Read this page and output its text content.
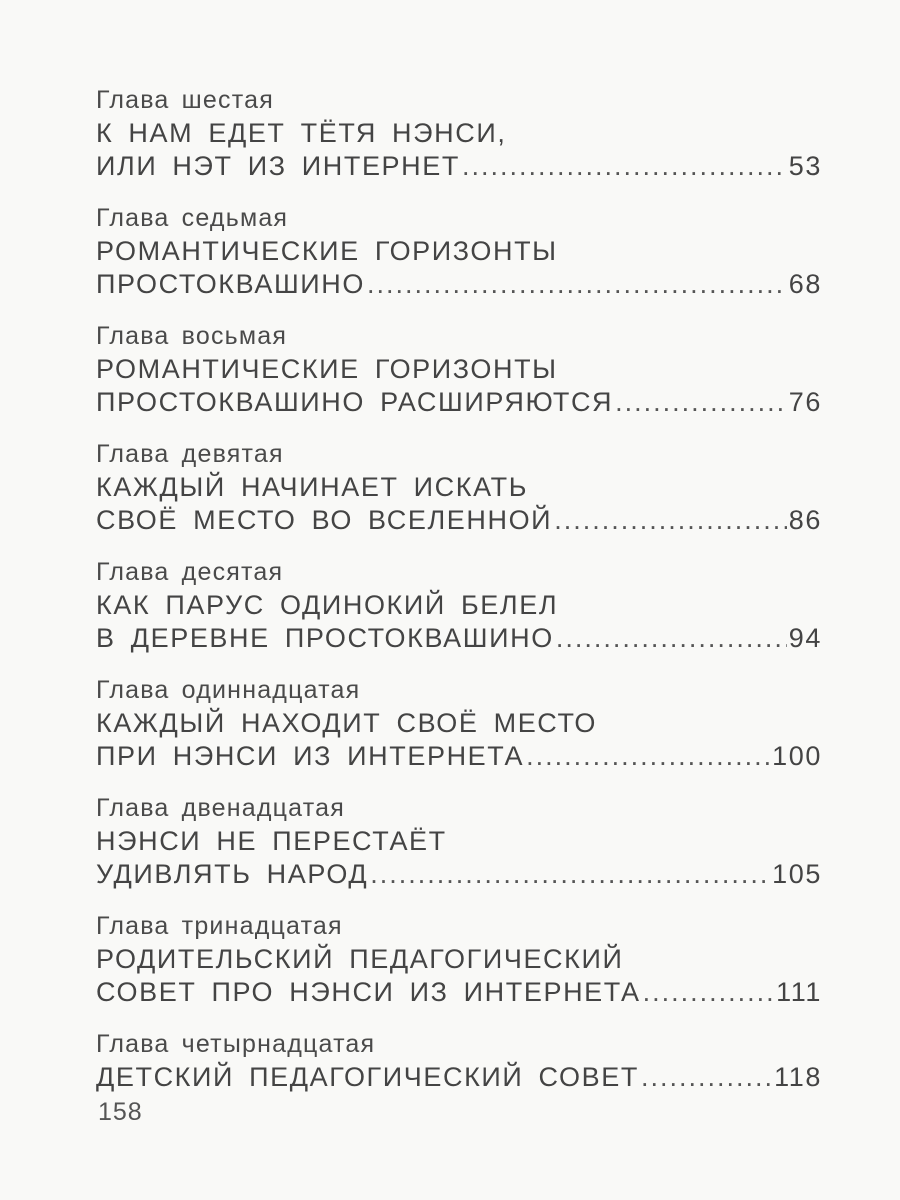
Глава шестая
К НАМ ЕДЕТ ТЁТЯ НЭНСИ,
ИЛИ НЭТ ИЗ ИНТЕРНЕТ .....	53
Глава седьмая
РОМАНТИЧЕСКИЕ ГОРИЗОНТЫ
ПРОСТОКВАШИНО .....	68
Глава восьмая
РОМАНТИЧЕСКИЕ ГОРИЗОНТЫ
ПРОСТОКВАШИНО РАСШИРЯЮТСЯ .....	76
Глава девятая
КАЖДЫЙ НАЧИНАЕТ ИСКАТЬ
СВОЁ МЕСТО ВО ВСЕЛЕННОЙ .....	86
Глава десятая
КАК ПАРУС ОДИНОКИЙ БЕЛЕЛ
В ДЕРЕВНЕ ПРОСТОКВАШИНО .....	94
Глава одиннадцатая
КАЖДЫЙ НАХОДИТ СВОЁ МЕСТО
ПРИ НЭНСИ ИЗ ИНТЕРНЕТА .....	100
Глава двенадцатая
НЭНСИ НЕ ПЕРЕСТАЁТ
УДИВЛЯТЬ НАРОД .....	105
Глава тринадцатая
РОДИТЕЛЬСКИЙ ПЕДАГОГИЧЕСКИЙ
СОВЕТ ПРО НЭНСИ ИЗ ИНТЕРНЕТА .....	111
Глава четырнадцатая
ДЕТСКИЙ ПЕДАГОГИЧЕСКИЙ СОВЕТ .....	118
158
